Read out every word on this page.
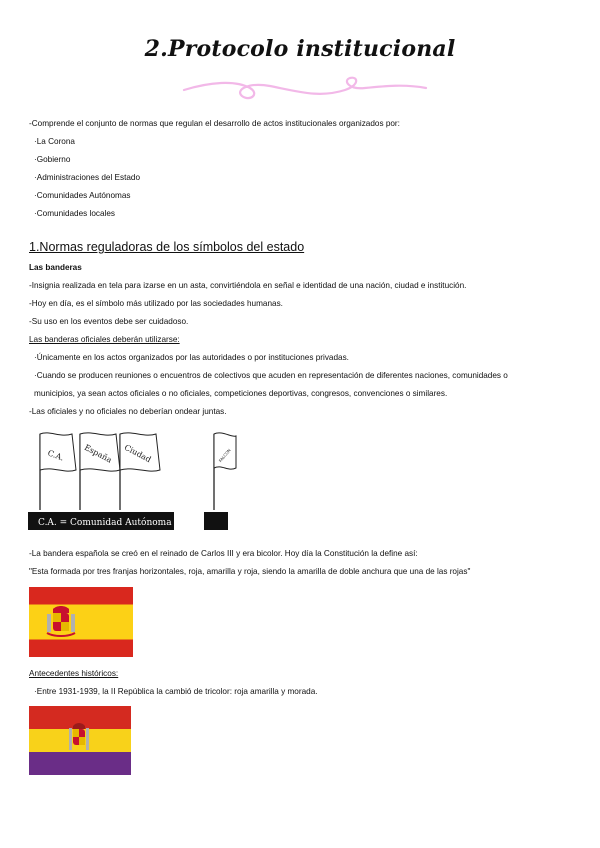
2.Protocolo institucional
-Comprende el conjunto de normas que regulan el desarrollo de actos institucionales organizados por:
·La Corona
·Gobierno
·Administraciones del Estado
·Comunidades Autónomas
·Comunidades locales
1.Normas reguladoras de los símbolos del estado
Las banderas
-Insignia realizada en tela para izarse en un asta, convirtiéndola en señal e identidad de una nación, ciudad e institución.
-Hoy en día, es el símbolo más utilizado por las sociedades humanas.
-Su uso en los eventos debe ser cuidadoso.
Las banderas oficiales deberán utilizarse:
·Únicamente en los actos organizados por las autoridades o por instituciones privadas.
·Cuando se producen reuniones o encuentros de colectivos que acuden en representación de diferentes naciones, comunidades o
municipios, ya sean actos oficiales o no oficiales, competiciones deportivas, congresos, convenciones o similares.
-Las oficiales y no oficiales no deberían ondear juntas.
C.A. España Ciudad
C.A. = Comunidad Autónoma
FALCON
-La bandera española se creó en el reinado de Carlos III y era bicolor. Hoy día la Constitución la define así:
"Esta formada por tres franjas horizontales, roja, amarilla y roja, siendo la amarilla de doble anchura que una de las rojas"
Antecedentes históricos:
·Entre 1931-1939, la II República la cambió de tricolor: roja amarilla y morada.
